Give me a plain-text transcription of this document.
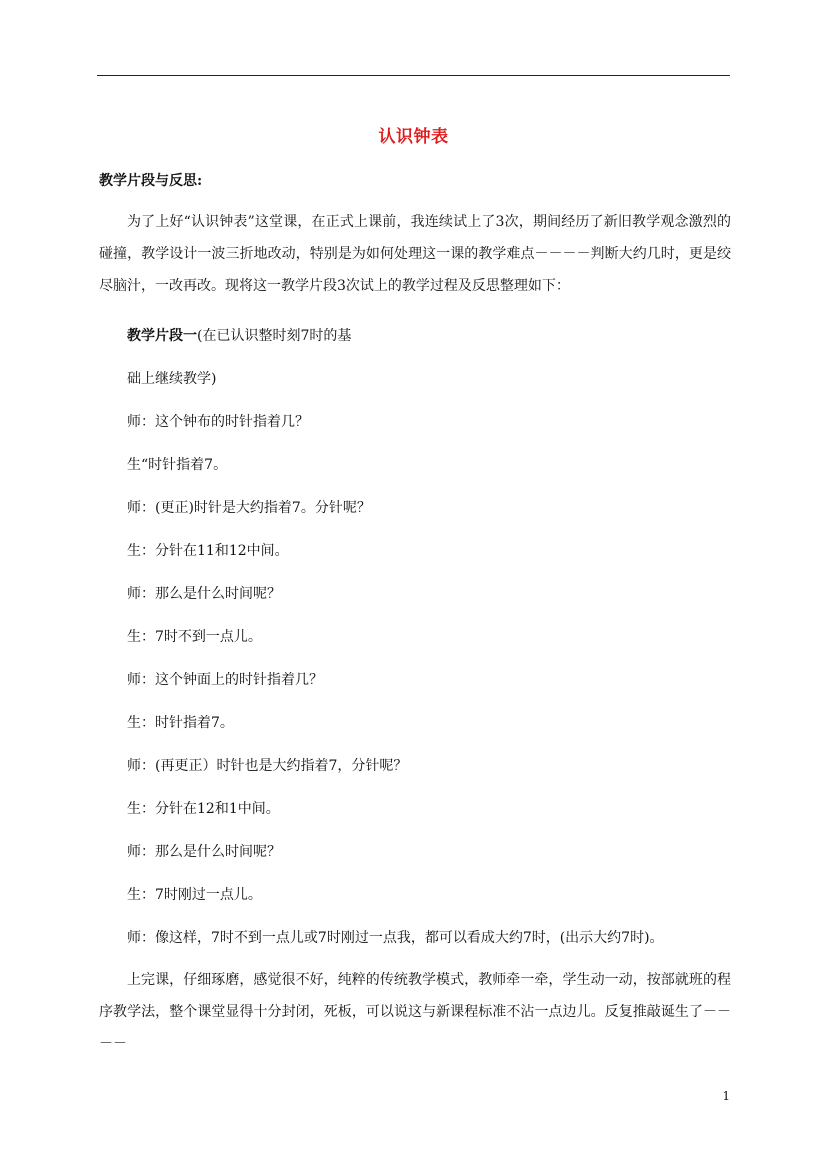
认识钟表

教学片段与反思:

为了上好“认识钟表”这堂课，在正式上课前，我连续试上了3次，期间经历了新旧教学观念激烈的碰撞，教学设计一波三折地改动，特别是为如何处理这一课的教学难点－－－－判断大约几时，更是绞尽脑汁，一改再改。现将这一教学片段3次试上的教学过程及反思整理如下：

教学片段一(在已认识整时刻7时的基

础上继续教学)

师：这个钟布的时针指着几？

生“时针指着7。

师：(更正)时针是大约指着7。分针呢？

生：分针在11和12中间。

师：那么是什么时间呢？

生：7时不到一点儿。

师：这个钟面上的时针指着几？

生：时针指着7。

师：(再更正）时针也是大约指着7，分针呢？

生：分针在12和1中间。

师：那么是什么时间呢？

生：7时刚过一点儿。

师：像这样，7时不到一点儿或7时刚过一点我，都可以看成大约7时，(出示大约7时)。

上完课，仔细琢磨，感觉很不好，纯粹的传统教学模式，教师牵一牵，学生动一动，按部就班的程序教学法，整个课堂显得十分封闭，死板，可以说这与新课程标准不沾一点边儿。反复推敲诞生了－－－－

1
